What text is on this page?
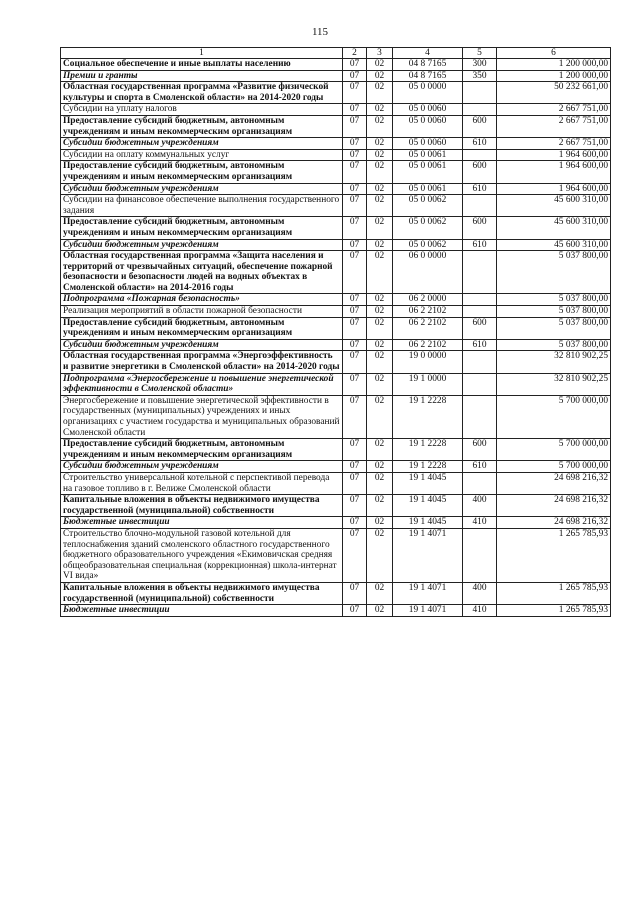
115
1	2	3	4	5	6
Социальное обеспечение и иные выплаты населению	07	02	04 8 7165	300	1 200 000,00
Премии и гранты	07	02	04 8 7165	350	1 200 000,00
Областная государственная программа «Развитие физической культуры и спорта в Смоленской области» на 2014-2020 годы	07	02	05 0 0000		50 232 661,00
Субсидии на уплату налогов	07	02	05 0 0060		2 667 751,00
Предоставление субсидий бюджетным, автономным учреждениям и иным некоммерческим организациям	07	02	05 0 0060	600	2 667 751,00
Субсидии бюджетным учреждениям	07	02	05 0 0060	610	2 667 751,00
Субсидии на оплату коммунальных услуг	07	02	05 0 0061		1 964 600,00
Предоставление субсидий бюджетным, автономным учреждениям и иным некоммерческим организациям	07	02	05 0 0061	600	1 964 600,00
Субсидии бюджетным учреждениям	07	02	05 0 0061	610	1 964 600,00
Субсидии на финансовое обеспечение выполнения государственного задания	07	02	05 0 0062		45 600 310,00
Предоставление субсидий бюджетным, автономным учреждениям и иным некоммерческим организациям	07	02	05 0 0062	600	45 600 310,00
Субсидии бюджетным учреждениям	07	02	05 0 0062	610	45 600 310,00
Областная государственная программа «Защита населения и территорий от чрезвычайных ситуаций, обеспечение пожарной безопасности и безопасности людей на водных объектах в Смоленской области» на 2014-2016 годы	07	02	06 0 0000		5 037 800,00
Подпрограмма «Пожарная безопасность»	07	02	06 2 0000		5 037 800,00
Реализация мероприятий в области пожарной безопасности	07	02	06 2 2102		5 037 800,00
Предоставление субсидий бюджетным, автономным учреждениям и иным некоммерческим организациям	07	02	06 2 2102	600	5 037 800,00
Субсидии бюджетным учреждениям	07	02	06 2 2102	610	5 037 800,00
Областная государственная программа «Энергоэффективность и развитие энергетики в Смоленской области» на 2014-2020 годы	07	02	19 0 0000		32 810 902,25
Подпрограмма «Энергосбережение и повышение энергетической эффективности в Смоленской области»	07	02	19 1 0000		32 810 902,25
Энергосбережение и повышение энергетической эффективности в государственных (муниципальных) учреждениях и иных организациях с участием государства и муниципальных образований Смоленской области	07	02	19 1 2228		5 700 000,00
Предоставление субсидий бюджетным, автономным учреждениям и иным некоммерческим организациям	07	02	19 1 2228	600	5 700 000,00
Субсидии бюджетным учреждениям	07	02	19 1 2228	610	5 700 000,00
Строительство универсальной котельной с перспективой перевода на газовое топливо в г. Велиже Смоленской области	07	02	19 1 4045		24 698 216,32
Капитальные вложения в объекты недвижимого имущества государственной (муниципальной) собственности	07	02	19 1 4045	400	24 698 216,32
Бюджетные инвестиции	07	02	19 1 4045	410	24 698 216,32
Строительство блочно-модульной газовой котельной для теплоснабжения зданий смоленского областного государственного бюджетного образовательного учреждения «Екимовичская средняя общеобразовательная специальная (коррекционная) школа-интернат VI вида»	07	02	19 1 4071		1 265 785,93
Капитальные вложения в объекты недвижимого имущества государственной (муниципальной) собственности	07	02	19 1 4071	400	1 265 785,93
Бюджетные инвестиции	07	02	19 1 4071	410	1 265 785,93
